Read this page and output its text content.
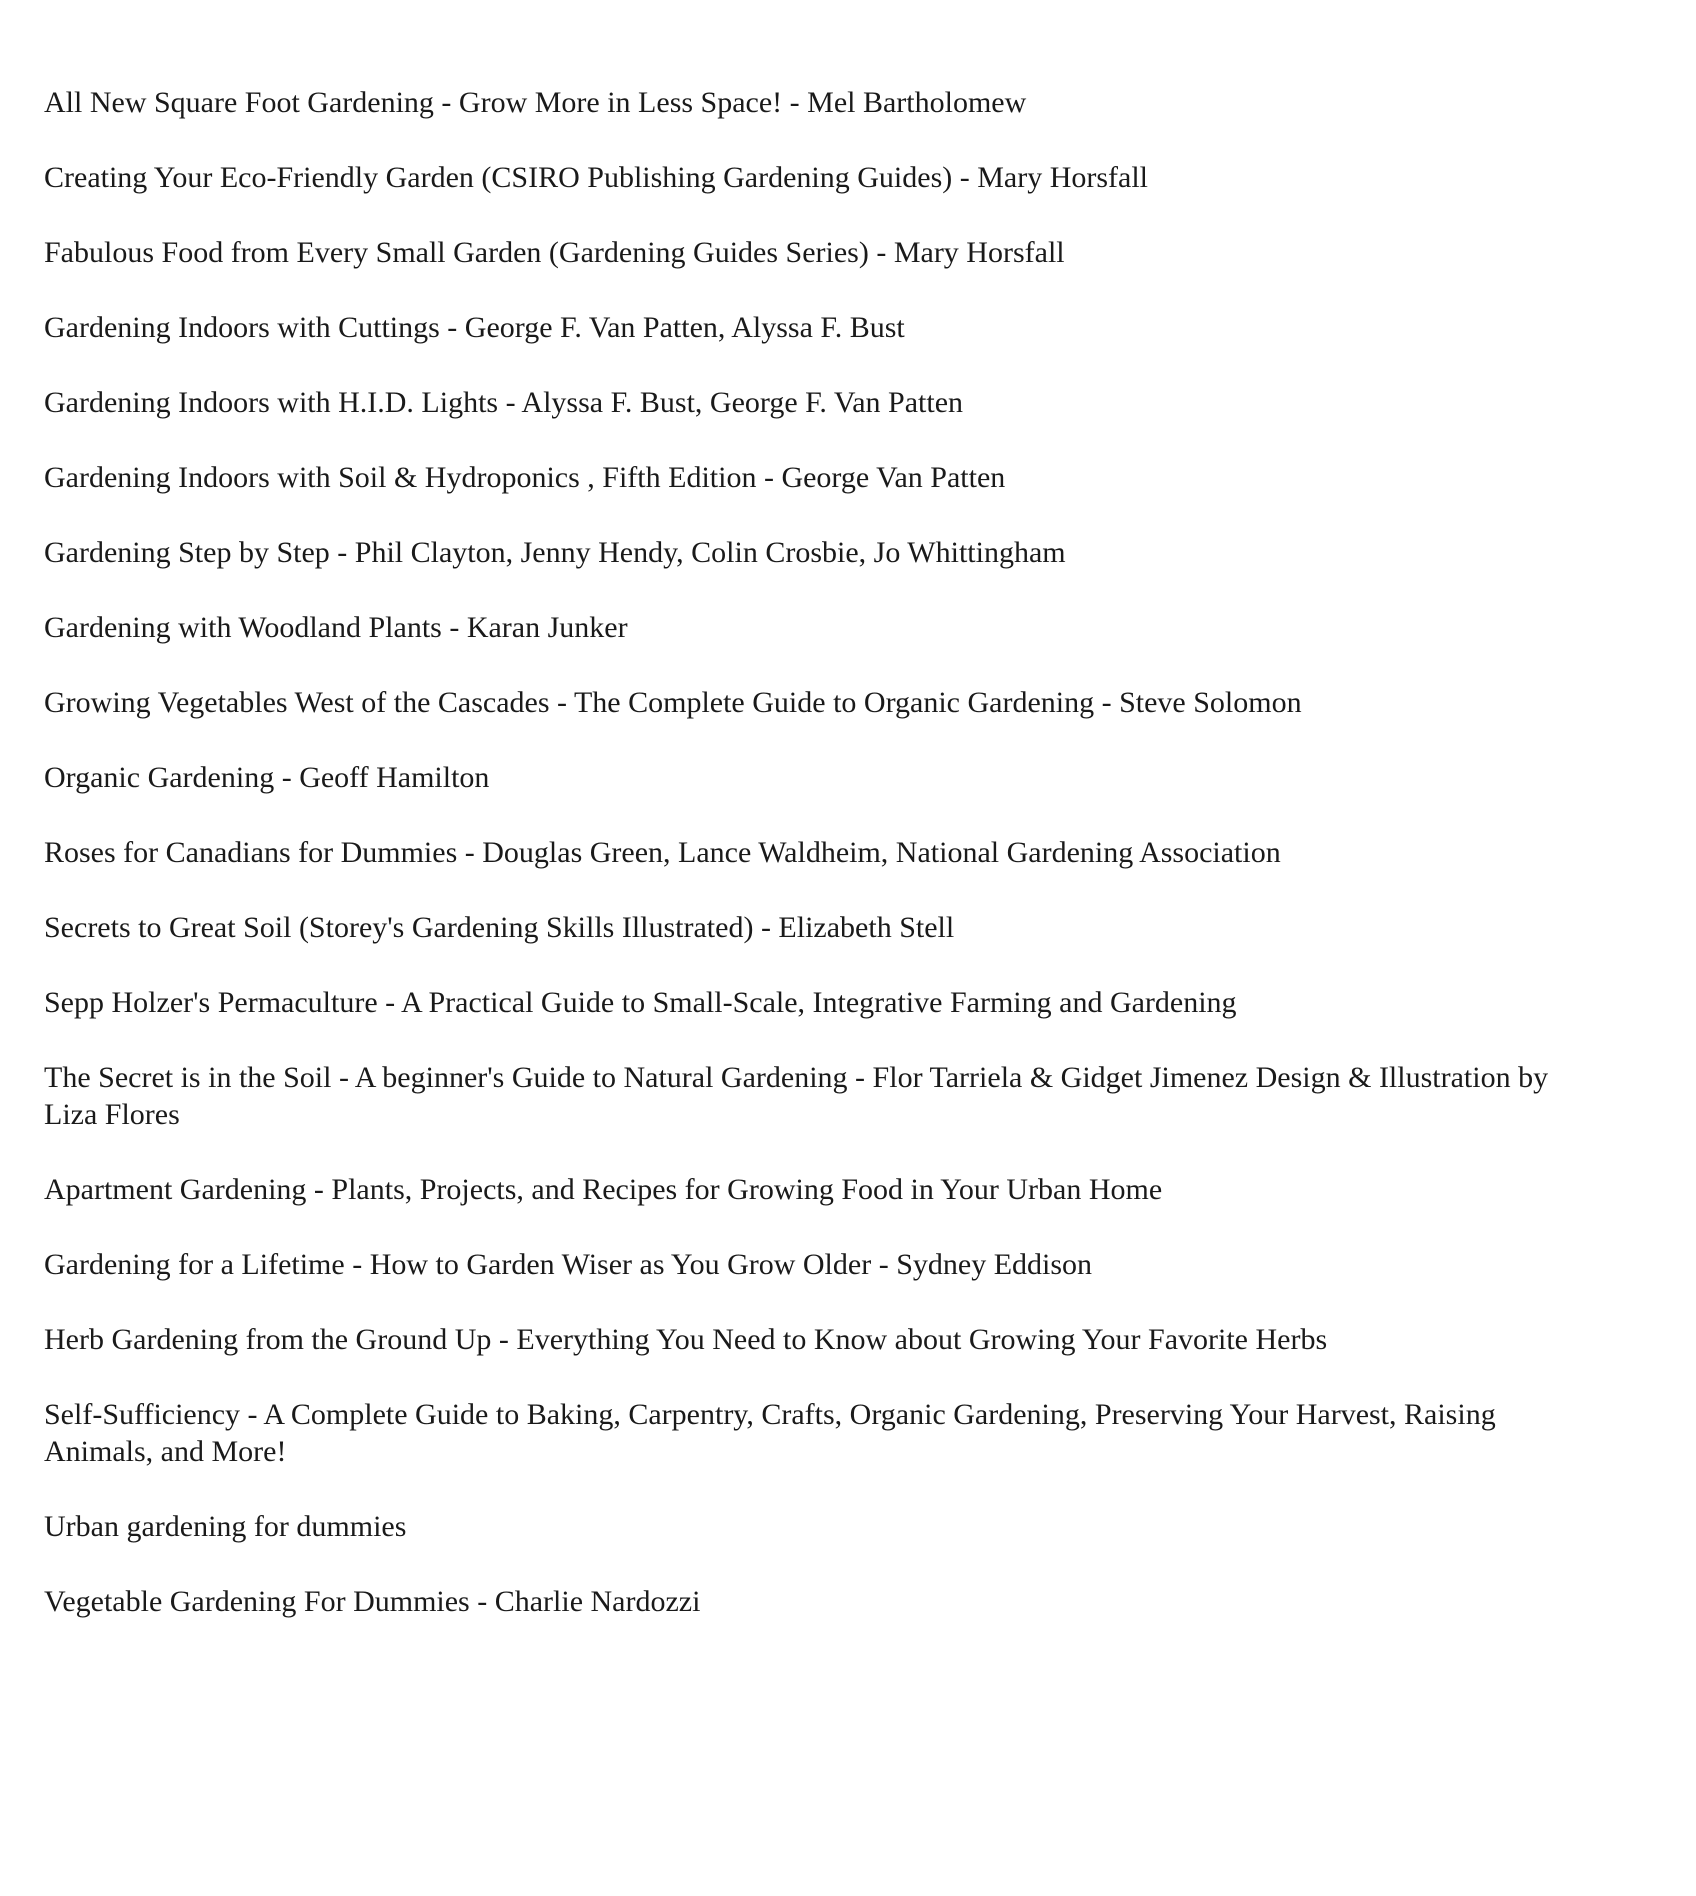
All New Square Foot Gardening - Grow More in Less Space! - Mel Bartholomew
Creating Your Eco-Friendly Garden (CSIRO Publishing Gardening Guides) - Mary Horsfall
Fabulous Food from Every Small Garden (Gardening Guides Series) - Mary Horsfall
Gardening Indoors with Cuttings - George F. Van Patten, Alyssa F. Bust
Gardening Indoors with H.I.D. Lights - Alyssa F. Bust, George F. Van Patten
Gardening Indoors with Soil & Hydroponics , Fifth Edition - George Van Patten
Gardening Step by Step - Phil Clayton, Jenny Hendy, Colin Crosbie, Jo Whittingham
Gardening with Woodland Plants - Karan Junker
Growing Vegetables West of the Cascades - The Complete Guide to Organic Gardening - Steve Solomon
Organic Gardening - Geoff Hamilton
Roses for Canadians for Dummies - Douglas Green, Lance Waldheim, National Gardening Association
Secrets to Great Soil (Storey's Gardening Skills Illustrated) - Elizabeth Stell
Sepp Holzer's Permaculture - A Practical Guide to Small-Scale, Integrative Farming and Gardening
The Secret is in the Soil - A beginner's Guide to Natural Gardening - Flor Tarriela & Gidget Jimenez Design & Illustration by Liza Flores
Apartment Gardening - Plants, Projects, and Recipes for Growing Food in Your Urban Home
Gardening for a Lifetime - How to Garden Wiser as You Grow Older - Sydney Eddison
Herb Gardening from the Ground Up - Everything You Need to Know about Growing Your Favorite Herbs
Self-Sufficiency - A Complete Guide to Baking, Carpentry, Crafts, Organic Gardening, Preserving Your Harvest, Raising Animals, and More!
Urban gardening for dummies
Vegetable Gardening For Dummies - Charlie Nardozzi
